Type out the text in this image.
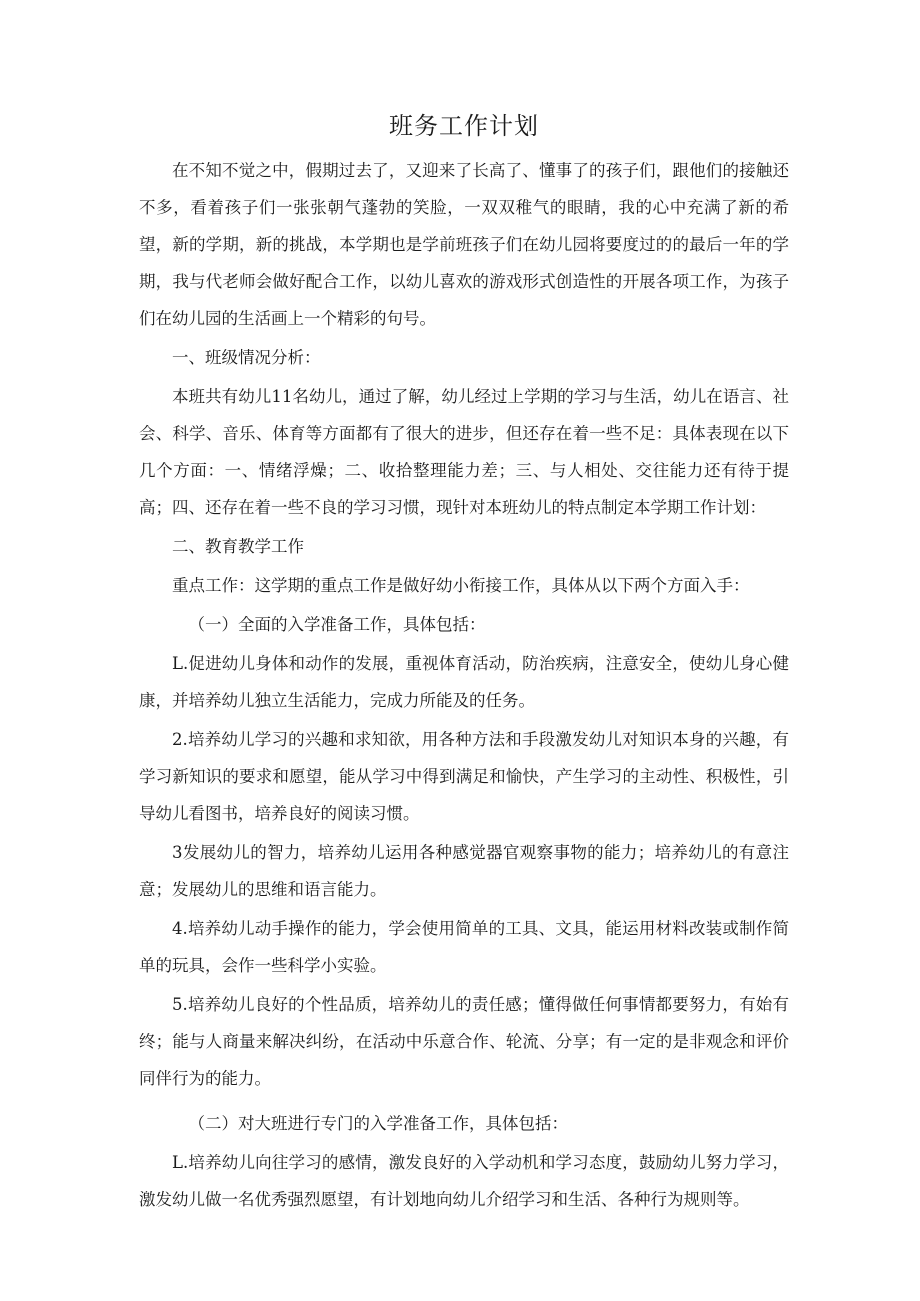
班务工作计划

在不知不觉之中，假期过去了，又迎来了长高了、懂事了的孩子们，跟他们的接触还不多，看着孩子们一张张朝气蓬勃的笑脸，一双双稚气的眼睛，我的心中充满了新的希望，新的学期，新的挑战，本学期也是学前班孩子们在幼儿园将要度过的的最后一年的学期，我与代老师会做好配合工作，以幼儿喜欢的游戏形式创造性的开展各项工作，为孩子们在幼儿园的生活画上一个精彩的句号。

一、班级情况分析：

本班共有幼儿11名幼儿，通过了解，幼儿经过上学期的学习与生活，幼儿在语言、社会、科学、音乐、体育等方面都有了很大的进步，但还存在着一些不足：具体表现在以下几个方面：一、情绪浮燥；二、收拾整理能力差；三、与人相处、交往能力还有待于提高；四、还存在着一些不良的学习习惯，现针对本班幼儿的特点制定本学期工作计划：

二、教育教学工作

重点工作：这学期的重点工作是做好幼小衔接工作，具体从以下两个方面入手：

（一）全面的入学准备工作，具体包括：

L.促进幼儿身体和动作的发展，重视体育活动，防治疾病，注意安全，使幼儿身心健康，并培养幼儿独立生活能力，完成力所能及的任务。

2.培养幼儿学习的兴趣和求知欲，用各种方法和手段激发幼儿对知识本身的兴趣，有学习新知识的要求和愿望，能从学习中得到满足和愉快，产生学习的主动性、积极性，引导幼儿看图书，培养良好的阅读习惯。

3发展幼儿的智力，培养幼儿运用各种感觉器官观察事物的能力；培养幼儿的有意注意；发展幼儿的思维和语言能力。

4.培养幼儿动手操作的能力，学会使用简单的工具、文具，能运用材料改装或制作简单的玩具，会作一些科学小实验。

5.培养幼儿良好的个性品质，培养幼儿的责任感；懂得做任何事情都要努力，有始有终；能与人商量来解决纠纷，在活动中乐意合作、轮流、分享；有一定的是非观念和评价同伴行为的能力。

（二）对大班进行专门的入学准备工作，具体包括：

L.培养幼儿向往学习的感情，激发良好的入学动机和学习态度，鼓励幼儿努力学习，激发幼儿做一名优秀强烈愿望，有计划地向幼儿介绍学习和生活、各种行为规则等。
